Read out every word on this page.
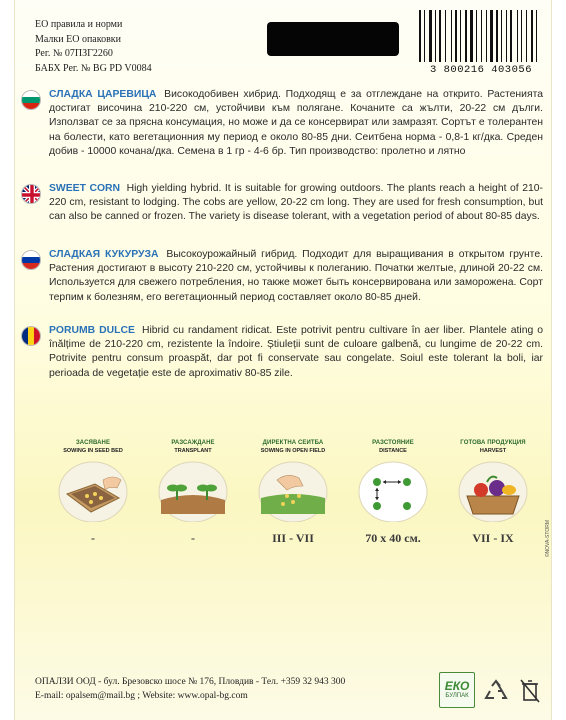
ЕО правила и норми
Малки ЕО опаковки
Рег. № 07ПЗГ2260
БАБХ Рег. № BG PD V0084	3 800216 403056
СЛАДКА ЦАРЕВИЦА Високодобивен хибрид. Подходящ е за отглеждане на открито. Растенията достигат височина 210-220 см, устойчиви към полягане. Кочаните са жълти, 20-22 см дълги. Използват се за прясна консумация, но може и да се консервират или замразят. Сортът е толерантен на болести, като вегетационния му период е около 80-85 дни. Сеитбена норма - 0,8-1 кг/дка. Среден добив - 10000 кочана/дка. Семена в 1 гр - 4-6 бр. Тип производство: пролетно и лятно
SWEET CORN High yielding hybrid. It is suitable for growing outdoors. The plants reach a height of 210-220 cm, resistant to lodging. The cobs are yellow, 20-22 cm long. They are used for fresh consumption, but can also be canned or frozen. The variety is disease tolerant, with a vegetation period of about 80-85 days.
СЛАДКАЯ КУКУРУЗА Высокоурожайный гибрид. Подходит для выращивания в открытом грунте. Растения достигают в высоту 210-220 см, устойчивы к полеганию. Початки желтые, длиной 20-22 см. Используется для свежего потребления, но также может быть консервирована или заморожена. Сорт терпим к болезням, его вегетационный период составляет около 80-85 дней.
PORUMB DULCE Hibrid cu randament ridicat. Este potrivit pentru cultivare în aer liber. Plantele ating o înălțime de 210-220 cm, rezistente la îndoire. Știuleții sunt de culoare galbenă, cu lungime de 20-22 cm. Potrivite pentru consum proaspăt, dar pot fi conservate sau congelate. Soiul este tolerant la boli, iar perioada de vegetație este de aproximativ 80-85 zile.
ЗАСЯВАНЕ
SOWING IN SEED BED
-
РАЗСАЖДАНЕ
TRANSPLANT
-
ДИРЕКТНА СЕИТБА
SOWING IN OPEN FIELD
III - VII
РАЗСТОЯНИЕ
DISTANCE
70 x 40 см.
ГОТОВА ПРОДУКЦИЯ
HARVEST
VII - IX	©NOVA-STORM
ОПАЛЗИ ООД - бул. Брезовско шосе № 176, Пловдив - Тел. +359 32 943 300
E-mail: opalsem@mail.bg ; Website: www.opal-bg.com
ЕКО
БУЛПАК
